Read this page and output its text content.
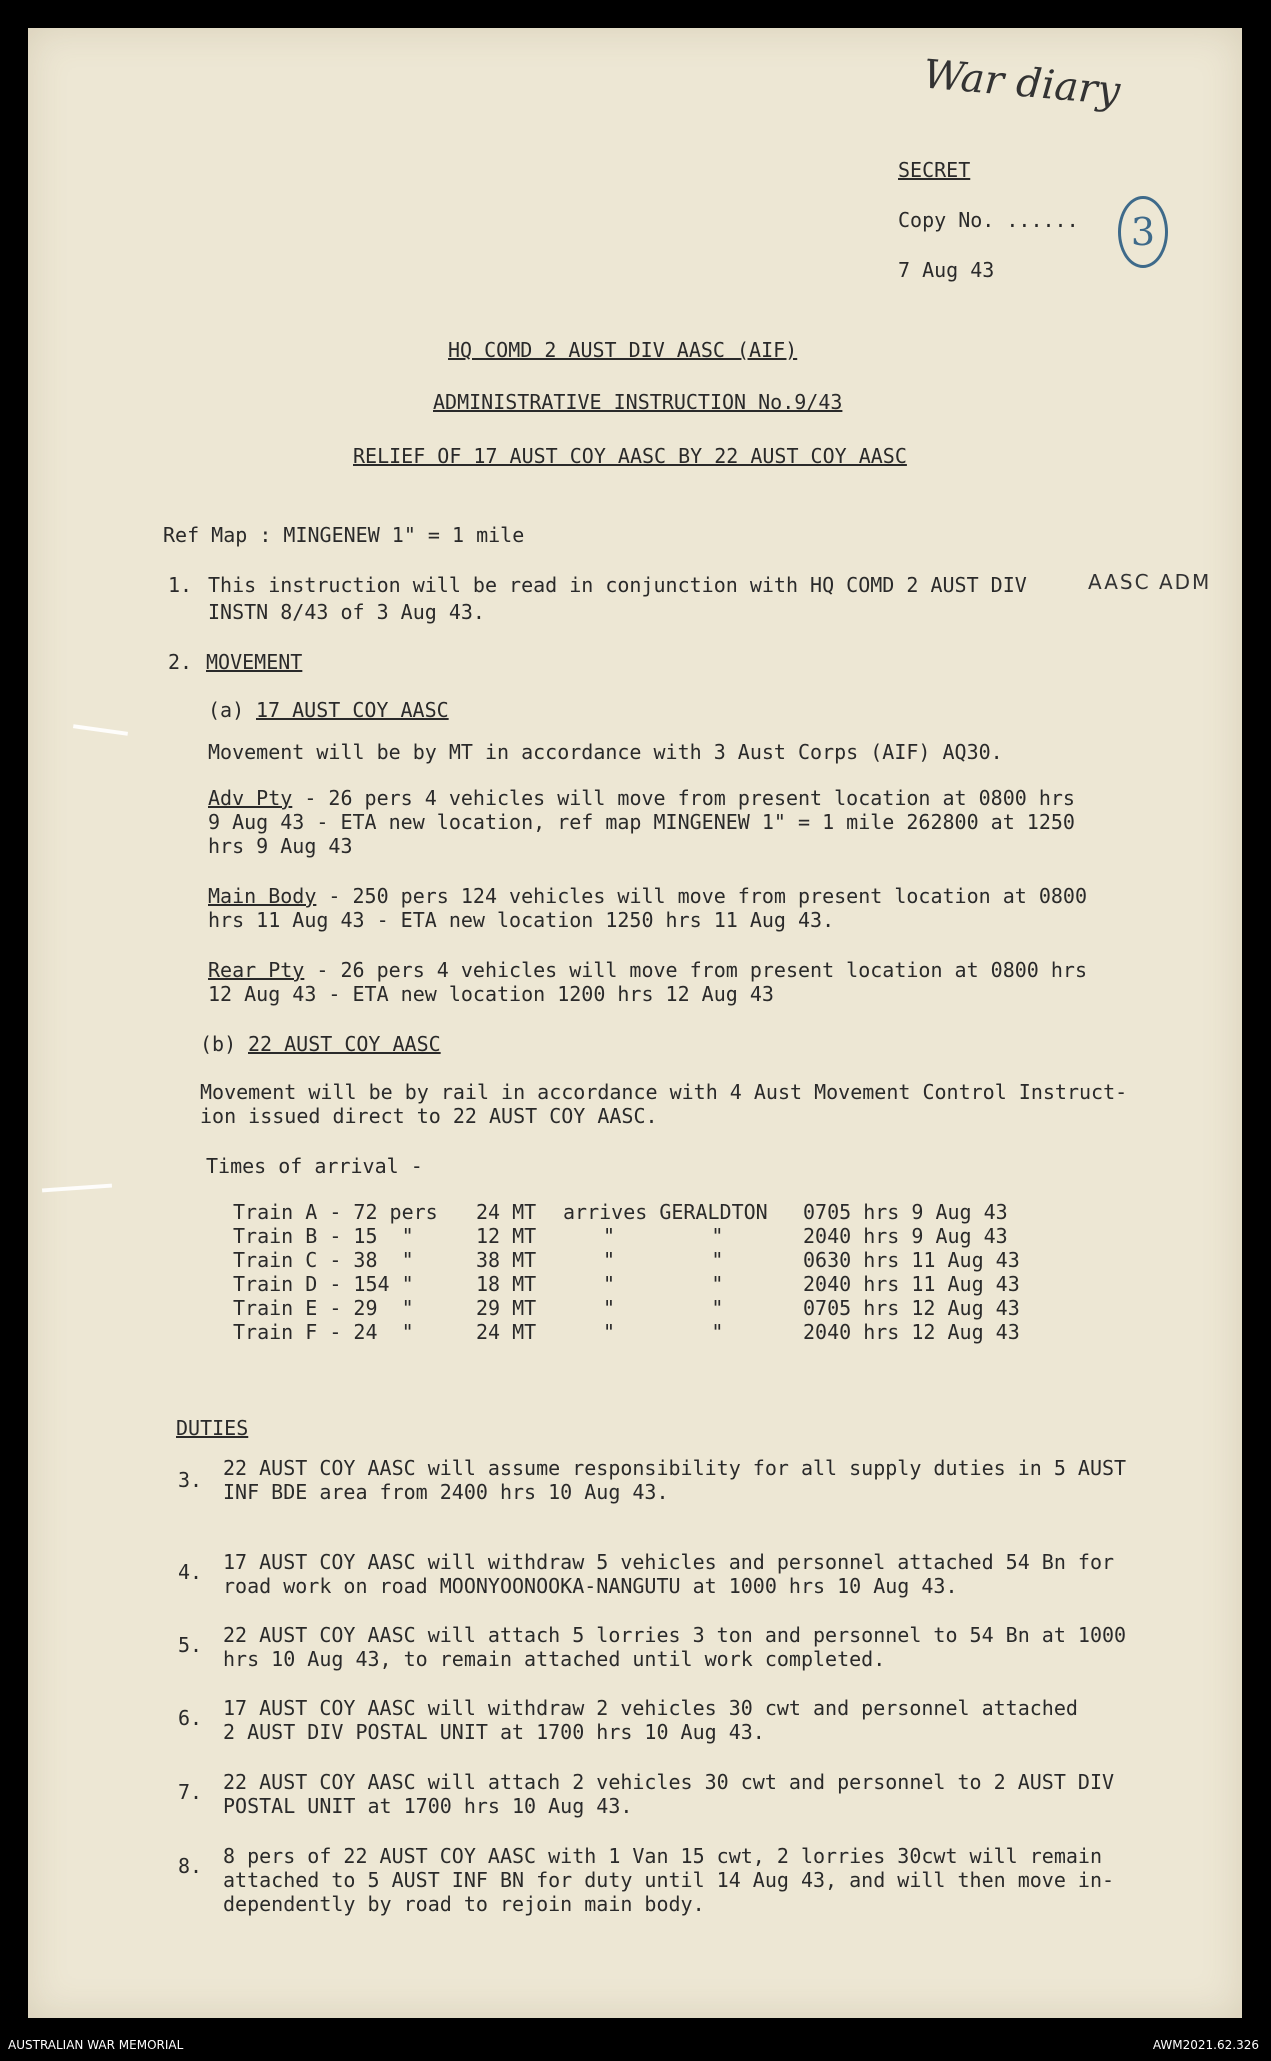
War diary
SECRET
Copy No. ......	3
7 Aug 43
HQ COMD 2 AUST DIV AASC (AIF)
ADMINISTRATIVE INSTRUCTION No.9/43
RELIEF OF 17 AUST COY AASC BY 22 AUST COY AASC
Ref Map : MINGENEW 1" = 1 mile
1. This instruction will be read in conjunction with HQ COMD 2 AUST DIV	AASC ADM
INSTN 8/43 of 3 Aug 43.
2. MOVEMENT
(a) 17 AUST COY AASC
Movement will be by MT in accordance with 3 Aust Corps (AIF) AQ30.
Adv Pty - 26 pers 4 vehicles will move from present location at 0800 hrs
9 Aug 43 - ETA new location, ref map MINGENEW 1" = 1 mile 262800 at 1250
hrs 9 Aug 43
Main Body - 250 pers 124 vehicles will move from present location at 0800
hrs 11 Aug 43 - ETA new location 1250 hrs 11 Aug 43.
Rear Pty - 26 pers 4 vehicles will move from present location at 0800 hrs
12 Aug 43 - ETA new location 1200 hrs 12 Aug 43
(b) 22 AUST COY AASC
Movement will be by rail in accordance with 4 Aust Movement Control Instruct-
ion issued direct to 22 AUST COY AASC.
Times of arrival -
Train A - 72 pers 24 MT arrives GERALDTON 0705 hrs 9 Aug 43
Train B - 15  "	12 MT	"        "	2040 hrs 9 Aug 43
Train C - 38  "	38 MT	"        "	0630 hrs 11 Aug 43
Train D - 154 "	18 MT	"        "	2040 hrs 11 Aug 43
Train E - 29  "	29 MT	"        "	0705 hrs 12 Aug 43
Train F - 24  "	24 MT	"        "	2040 hrs 12 Aug 43
DUTIES
3. 22 AUST COY AASC will assume responsibility for all supply duties in 5 AUST
INF BDE area from 2400 hrs 10 Aug 43.
4. 17 AUST COY AASC will withdraw 5 vehicles and personnel attached 54 Bn for
road work on road MOONYOONOOKA-NANGUTU at 1000 hrs 10 Aug 43.
5. 22 AUST COY AASC will attach 5 lorries 3 ton and personnel to 54 Bn at 1000
hrs 10 Aug 43, to remain attached until work completed.
6. 17 AUST COY AASC will withdraw 2 vehicles 30 cwt and personnel attached
2 AUST DIV POSTAL UNIT at 1700 hrs 10 Aug 43.
7. 22 AUST COY AASC will attach 2 vehicles 30 cwt and personnel to 2 AUST DIV
POSTAL UNIT at 1700 hrs 10 Aug 43.
8. 8 pers of 22 AUST COY AASC with 1 Van 15 cwt, 2 lorries 30cwt will remain
attached to 5 AUST INF BN for duty until 14 Aug 43, and will then move in-
dependently by road to rejoin main body.
AUSTRALIAN WAR MEMORIAL	AWM2021.62.326
